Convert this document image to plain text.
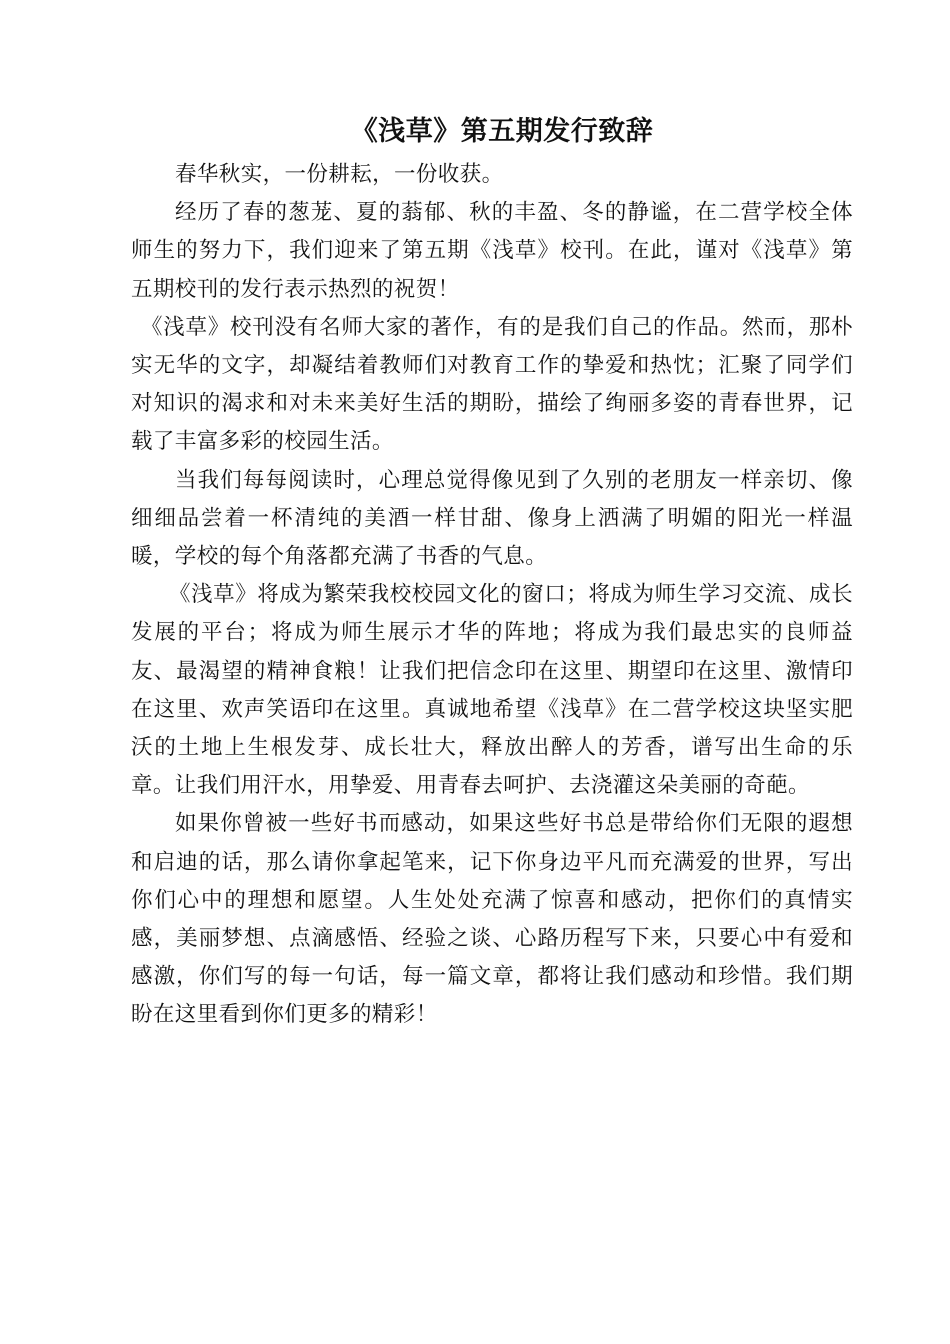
《浅草》第五期发行致辞

春华秋实，一份耕耘，一份收获。

经历了春的葱茏、夏的蓊郁、秋的丰盈、冬的静谧，在二营学校全体师生的努力下，我们迎来了第五期《浅草》校刊。在此，谨对《浅草》第五期校刊的发行表示热烈的祝贺！

《浅草》校刊没有名师大家的著作，有的是我们自己的作品。然而，那朴实无华的文字，却凝结着教师们对教育工作的挚爱和热忱；汇聚了同学们对知识的渴求和对未来美好生活的期盼，描绘了绚丽多姿的青春世界，记载了丰富多彩的校园生活。

当我们每每阅读时，心理总觉得像见到了久别的老朋友一样亲切、像细细品尝着一杯清纯的美酒一样甘甜、像身上洒满了明媚的阳光一样温暖，学校的每个角落都充满了书香的气息。

《浅草》将成为繁荣我校校园文化的窗口；将成为师生学习交流、成长发展的平台；将成为师生展示才华的阵地；将成为我们最忠实的良师益友、最渴望的精神食粮！让我们把信念印在这里、期望印在这里、激情印在这里、欢声笑语印在这里。真诚地希望《浅草》在二营学校这块坚实肥沃的土地上生根发芽、成长壮大，释放出醉人的芳香，谱写出生命的乐章。让我们用汗水，用挚爱、用青春去呵护、去浇灌这朵美丽的奇葩。

如果你曾被一些好书而感动，如果这些好书总是带给你们无限的遐想和启迪的话，那么请你拿起笔来，记下你身边平凡而充满爱的世界，写出你们心中的理想和愿望。人生处处充满了惊喜和感动，把你们的真情实感，美丽梦想、点滴感悟、经验之谈、心路历程写下来，只要心中有爱和感激，你们写的每一句话，每一篇文章，都将让我们感动和珍惜。我们期盼在这里看到你们更多的精彩！
